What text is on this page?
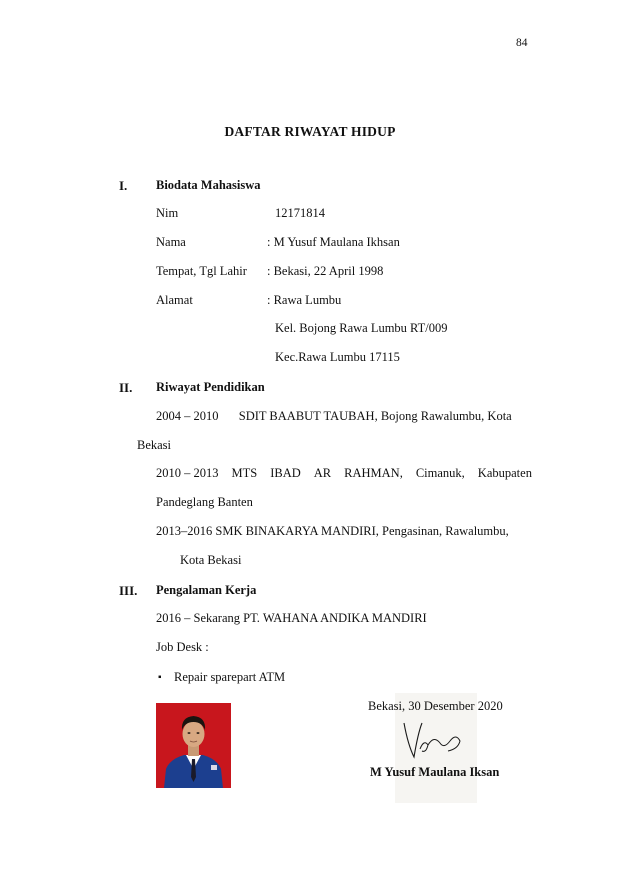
84
DAFTAR RIWAYAT HIDUP
I. Biodata Mahasiswa
Nim	12171814
Nama	: M Yusuf Maulana Ikhsan
Tempat, Tgl Lahir : Bekasi, 22 April 1998
Alamat	: Rawa Lumbu
Kel. Bojong Rawa Lumbu RT/009
Kec.Rawa Lumbu 17115
II. Riwayat Pendidikan
2004 – 2010 SDIT BAABUT TAUBAH, Bojong Rawalumbu, Kota
Bekasi
2010 – 2013 MTS IBAD AR RAHMAN, Cimanuk, Kabupaten
Pandeglang Banten
2013–2016 SMK BINAKARYA MANDIRI, Pengasinan, Rawalumbu,
Kota Bekasi
III. Pengalaman Kerja
2016 – Sekarang PT. WAHANA ANDIKA MANDIRI
Job Desk :
▪ Repair sparepart ATM
Bekasi, 30 Desember 2020
M Yusuf Maulana Iksan
